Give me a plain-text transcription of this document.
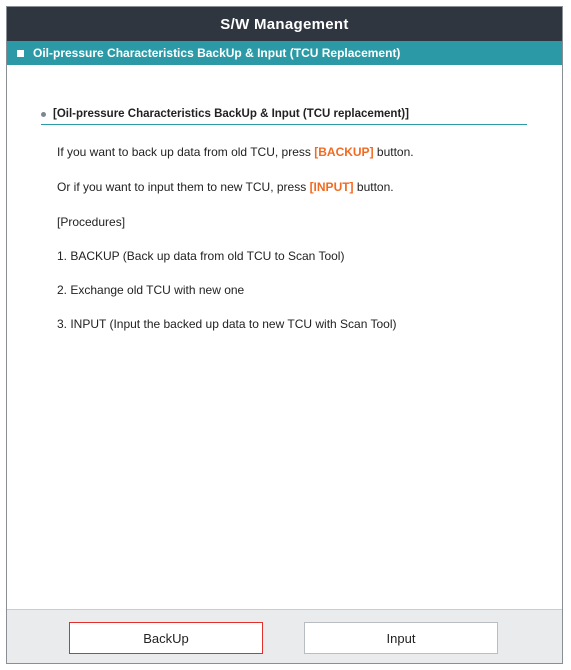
S/W Management
Oil-pressure Characteristics BackUp & Input (TCU Replacement)
[Oil-pressure Characteristics BackUp & Input (TCU replacement)]
If you want to back up data from old TCU, press [BACKUP] button.
Or if you want to input them to new TCU, press [INPUT] button.
[Procedures]
1. BACKUP (Back up data from old TCU to Scan Tool)
2. Exchange old TCU with new one
3. INPUT (Input the backed up data to new TCU with Scan Tool)
BackUp	Input
